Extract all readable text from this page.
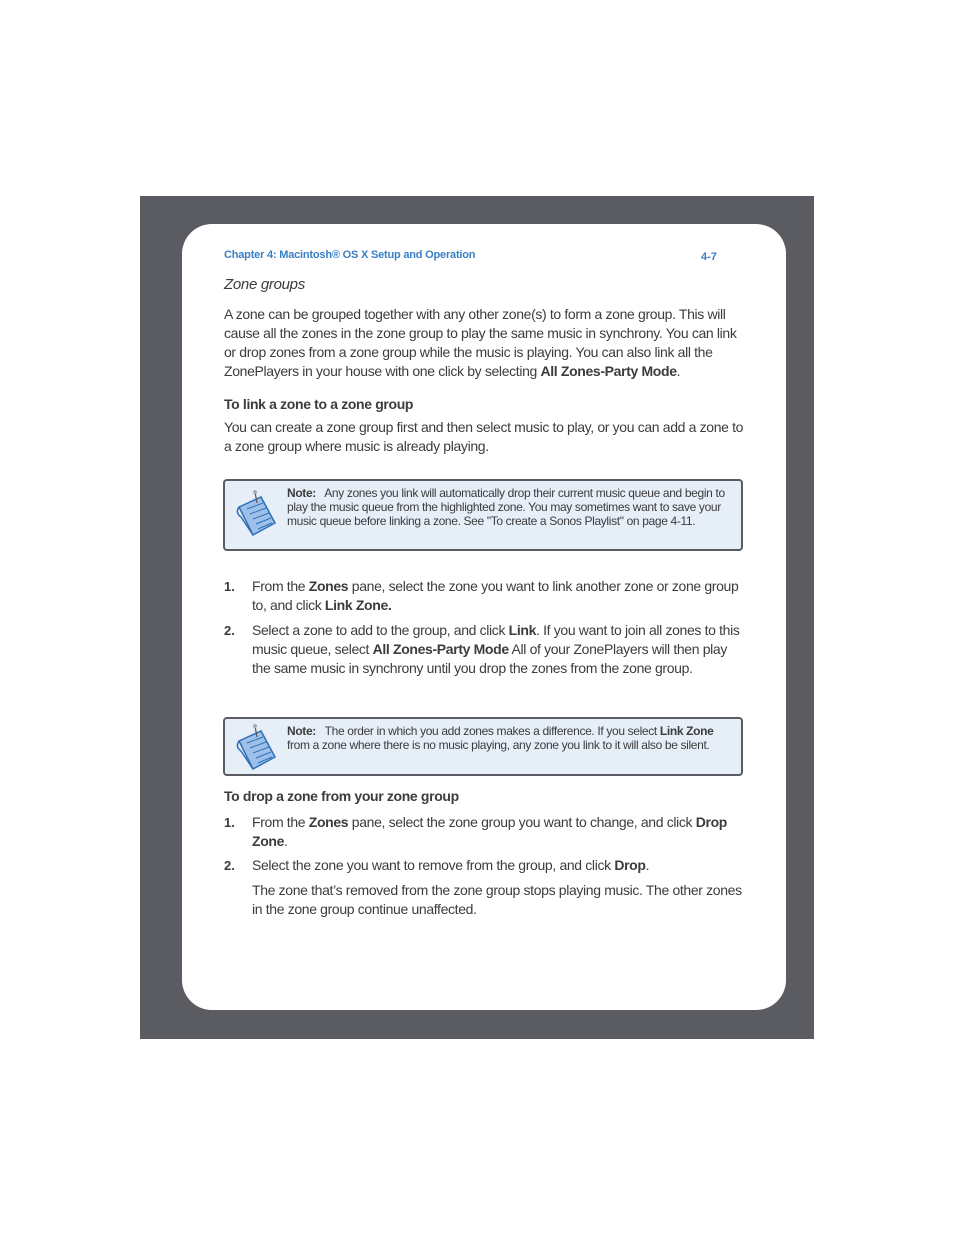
Chapter 4: Macintosh® OS X Setup and Operation	4-7
Zone groups
A zone can be grouped together with any other zone(s) to form a zone group. This will cause all the zones in the zone group to play the same music in synchrony. You can link or drop zones from a zone group while the music is playing. You can also link all the ZonePlayers in your house with one click by selecting All Zones-Party Mode.
To link a zone to a zone group
You can create a zone group first and then select music to play, or you can add a zone to a zone group where music is already playing.
Note: Any zones you link will automatically drop their current music queue and begin to play the music queue from the highlighted zone. You may sometimes want to save your music queue before linking a zone. See "To create a Sonos Playlist" on page 4-11.
1. From the Zones pane, select the zone you want to link another zone or zone group to, and click Link Zone.
2. Select a zone to add to the group, and click Link. If you want to join all zones to this music queue, select All Zones-Party Mode All of your ZonePlayers will then play the same music in synchrony until you drop the zones from the zone group.
Note: The order in which you add zones makes a difference. If you select Link Zone from a zone where there is no music playing, any zone you link to it will also be silent.
To drop a zone from your zone group
1. From the Zones pane, select the zone group you want to change, and click Drop Zone.
2. Select the zone you want to remove from the group, and click Drop.
The zone that’s removed from the zone group stops playing music. The other zones in the zone group continue unaffected.
